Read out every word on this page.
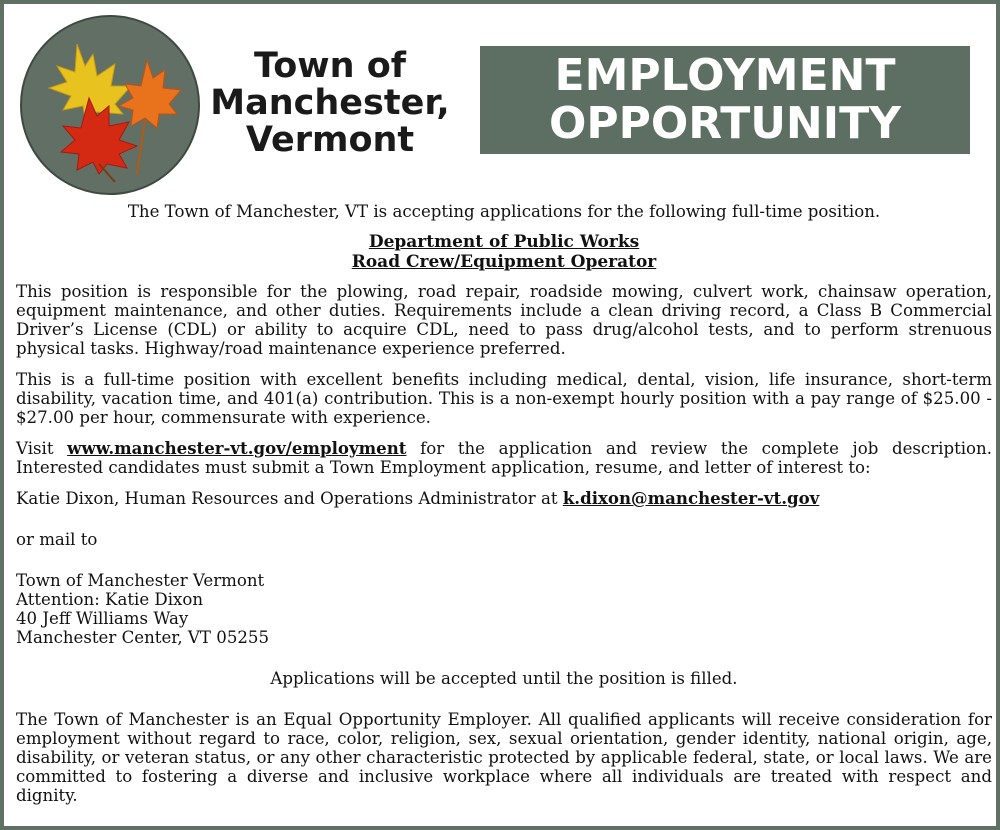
Town of
Manchester,
Vermont
EMPLOYMENT
OPPORTUNITY

The Town of Manchester, VT is accepting applications for the following full-time position.

Department of Public Works
Road Crew/Equipment Operator

This position is responsible for the plowing, road repair, roadside mowing, culvert work, chainsaw operation, equipment maintenance, and other duties. Requirements include a clean driving record, a Class B Commercial Driver’s License (CDL) or ability to acquire CDL, need to pass drug/alcohol tests, and to perform strenuous physical tasks. Highway/road maintenance experience preferred.

This is a full-time position with excellent benefits including medical, dental, vision, life insurance, short-term disability, vacation time, and 401(a) contribution. This is a non-exempt hourly position with a pay range of $25.00 - $27.00 per hour, commensurate with experience.

Visit www.manchester-vt.gov/employment for the application and review the complete job description. Interested candidates must submit a Town Employment application, resume, and letter of interest to:

Katie Dixon, Human Resources and Operations Administrator at k.dixon@manchester-vt.gov

or mail to

Town of Manchester Vermont
Attention: Katie Dixon
40 Jeff Williams Way
Manchester Center, VT 05255

Applications will be accepted until the position is filled.

The Town of Manchester is an Equal Opportunity Employer. All qualified applicants will receive consideration for employment without regard to race, color, religion, sex, sexual orientation, gender identity, national origin, age, disability, or veteran status, or any other characteristic protected by applicable federal, state, or local laws. We are committed to fostering a diverse and inclusive workplace where all individuals are treated with respect and dignity.
